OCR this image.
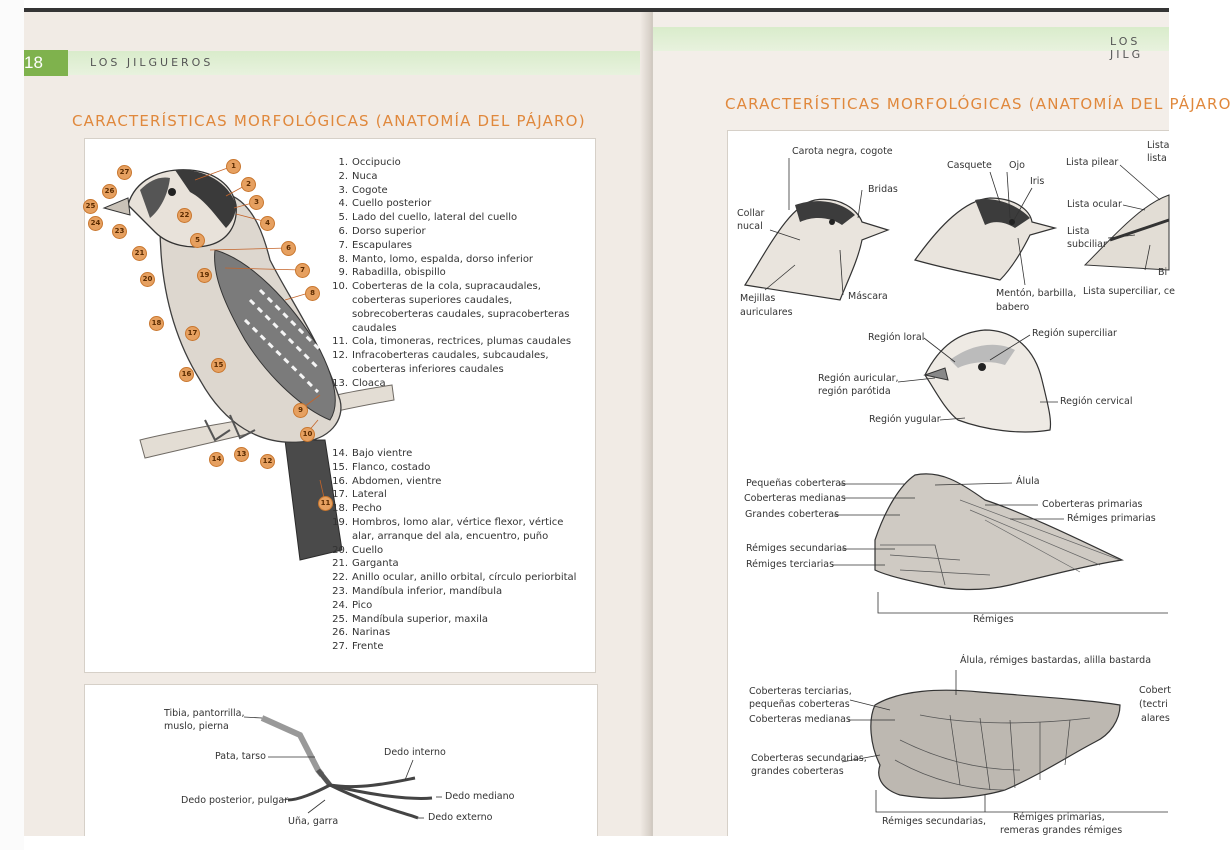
18	LOS JILGUEROS
CARACTERÍSTICAS MORFOLÓGICAS (ANATOMÍA DEL PÁJARO)
1
2
3
4
5
6
7
8
9
10
11
12
13
14
15
16
17
18
19
20
21
22
23
24
25
26
27
1. Occipucio
2. Nuca
3. Cogote
4. Cuello posterior
5. Lado del cuello, lateral del cuello
6. Dorso superior
7. Escapulares
8. Manto, lomo, espalda, dorso inferior
9. Rabadilla, obispillo
10. Coberteras de la cola, supracaudales, coberteras superiores caudales, sobrecoberteras caudales, supracoberteras caudales
11. Cola, timoneras, rectrices, plumas caudales
12. Infracoberteras caudales, subcaudales, coberteras inferiores caudales
13. Cloaca
14. Bajo vientre
15. Flanco, costado
16. Abdomen, vientre
17. Lateral
18. Pecho
19. Hombros, lomo alar, vértice flexor, vértice alar, arranque del ala, encuentro, puño
20. Cuello
21. Garganta
22. Anillo ocular, anillo orbital, círculo periorbital
23. Mandíbula inferior, mandíbula
24. Pico
25. Mandíbula superior, maxila
26. Narinas
27. Frente
Tibia, pantorrilla,
muslo, pierna
Pata, tarso	Dedo interno
Dedo posterior, pulgar	Dedo mediano
Uña, garra	Dedo externo
LOS JILG
CARACTERÍSTICAS MORFOLÓGICAS (ANATOMÍA DEL PÁJARO
Carota negra, cogote
Bridas
Collar
nucal
Mejillas
auriculares
Máscara
Casquete Ojo
Iris
Mentón, barbilla,
babero
Lista pilear
Lista
lista
Lista ocular
Lista
subciliar
Bi
Lista superciliar, ce
Región loral	Región superciliar
Región auricular,
región parótida
Región cervical
Región yugular
Pequeñas coberteras	Álula
Coberteras medianas
Coberteras primarias
Grandes coberteras	Rémiges primarias
Rémiges secundarias
Rémiges terciarias
Rémiges
Álula, rémiges bastardas, alilla bastarda
Coberteras terciarias,
pequeñas coberteras
Coberteras medianas
Cobert
(tectri
alares
Coberteras secundarias,
grandes coberteras
Rémiges secundarias,	Rémiges primarias,
remeras grandes rémiges
